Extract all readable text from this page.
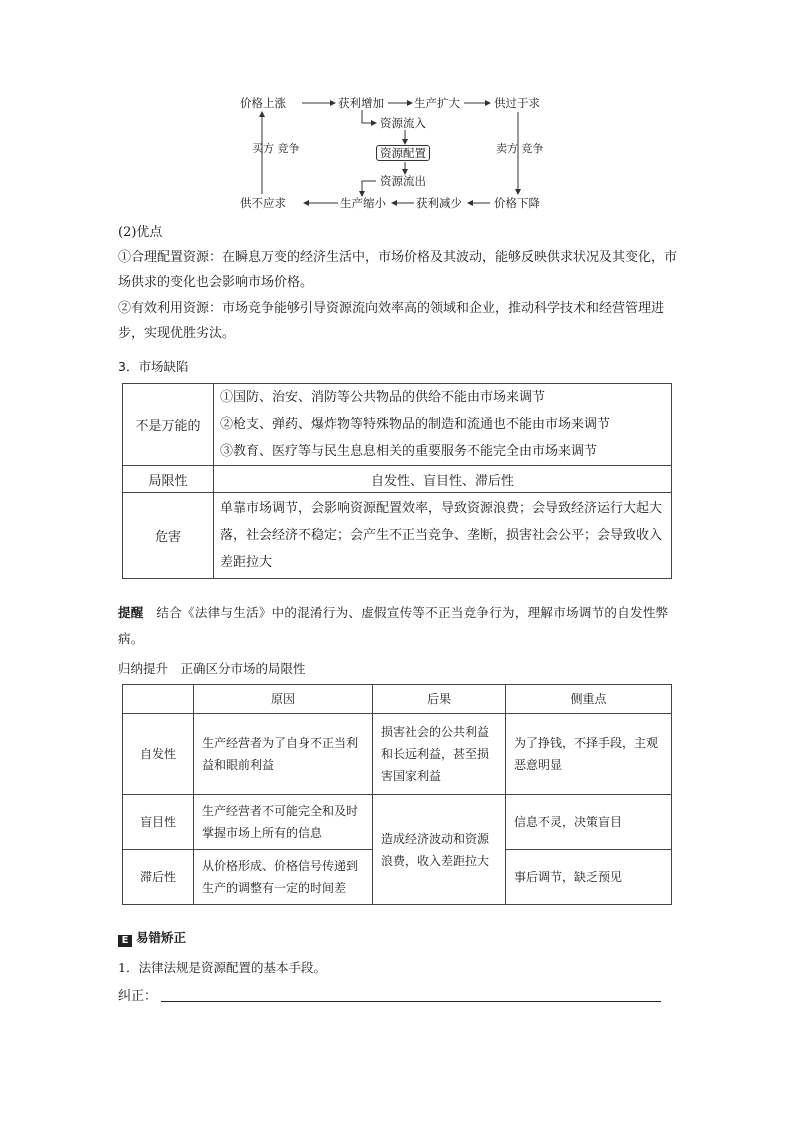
价格上涨	获利增加	生产扩大	供过于求
资源流入
资源配置
资源流出
供不应求	生产缩小	获利减少	价格下降
买方 竞争	卖方 竞争
(2)优点
①合理配置资源：在瞬息万变的经济生活中，市场价格及其波动，能够反映供求状况及其变化，市场供求的变化也会影响市场价格。
②有效利用资源：市场竞争能够引导资源流向效率高的领域和企业，推动科学技术和经营管理进步，实现优胜劣汰。
3．市场缺陷
不是万能的	①国防、治安、消防等公共物品的供给不能由市场来调节
②枪支、弹药、爆炸物等特殊物品的制造和流通也不能由市场来调节
③教育、医疗等与民生息息相关的重要服务不能完全由市场来调节

局限性	自发性、盲目性、滞后性
危害	单靠市场调节，会影响资源配置效率，导致资源浪费；会导致经济运行大起大落，社会经济不稳定；会产生不正当竞争、垄断，损害社会公平；会导致收入差距拉大
提醒　 结合《法律与生活》中的混淆行为、虚假宣传等不正当竞争行为，理解市场调节的自发性弊病。
归纳提升　正确区分市场的局限性
	原因	后果	侧重点
自发性	生产经营者为了自身不正当利益和眼前利益	损害社会的公共利益和长远利益，甚至损害国家利益	为了挣钱，不择手段，主观恶意明显
盲目性	生产经营者不可能完全和及时掌握市场上所有的信息	造成经济波动和资源浪费，收入差距拉大	信息不灵，决策盲目
滞后性	从价格形成、价格信号传递到生产的调整有一定的时间差		事后调节，缺乏预见
E 易错矫正
1．法律法规是资源配置的基本手段。
纠正：
